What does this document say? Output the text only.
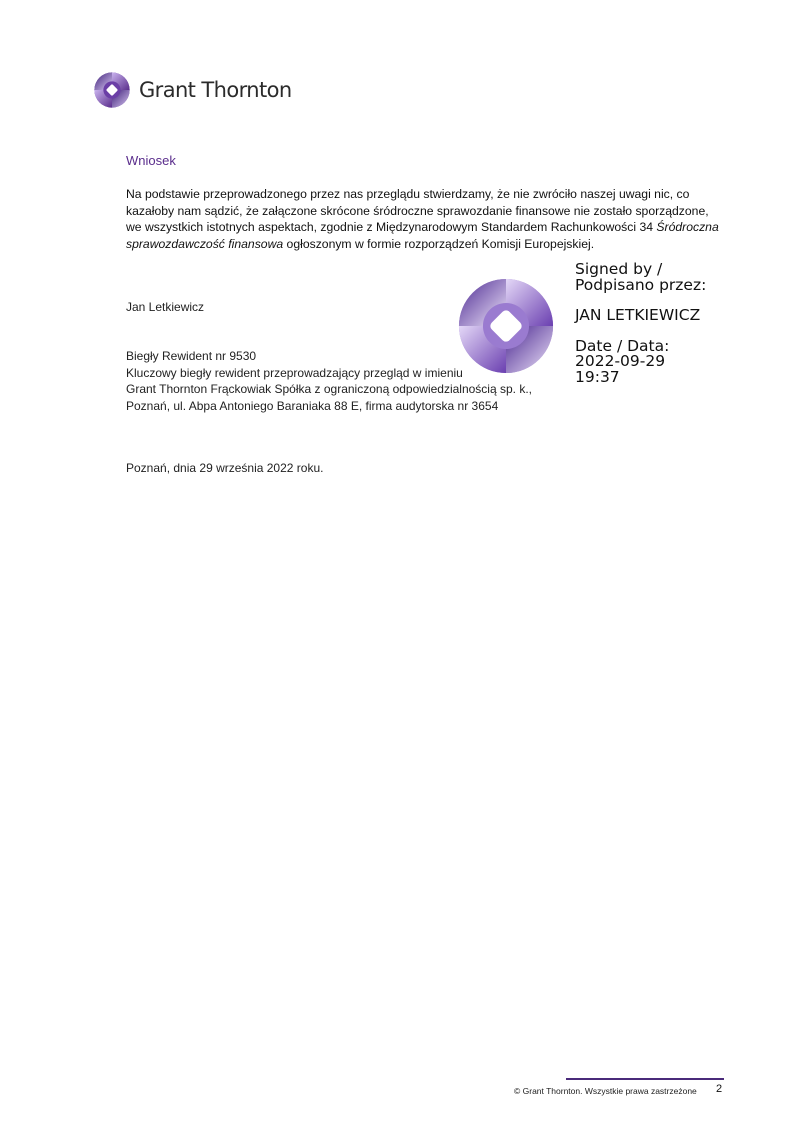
Grant Thornton
Wniosek

Na podstawie przeprowadzonego przez nas przeglądu stwierdzamy, że nie zwróciło naszej uwagi nic, co kazałoby nam sądzić, że załączone skrócone śródroczne sprawozdanie finansowe nie zostało sporządzone, we wszystkich istotnych aspektach, zgodnie z Międzynarodowym Standardem Rachunkowości 34 Śródroczna sprawozdawczość finansowa ogłoszonym w formie rozporządzeń Komisji Europejskiej.

Jan Letkiewicz
Biegły Rewident nr 9530
Kluczowy biegły rewident przeprowadzający przegląd w imieniu
Grant Thornton Frąckowiak Spółka z ograniczoną odpowiedzialnością sp. k.,
Poznań, ul. Abpa Antoniego Baraniaka 88 E, firma audytorska nr 3654
Poznań, dnia 29 września 2022 roku.
Signed by /
Podpisano przez:
JAN LETKIEWICZ
Date / Data:
2022-09-29
19:37
© Grant Thornton. Wszystkie prawa zastrzeżone 2
